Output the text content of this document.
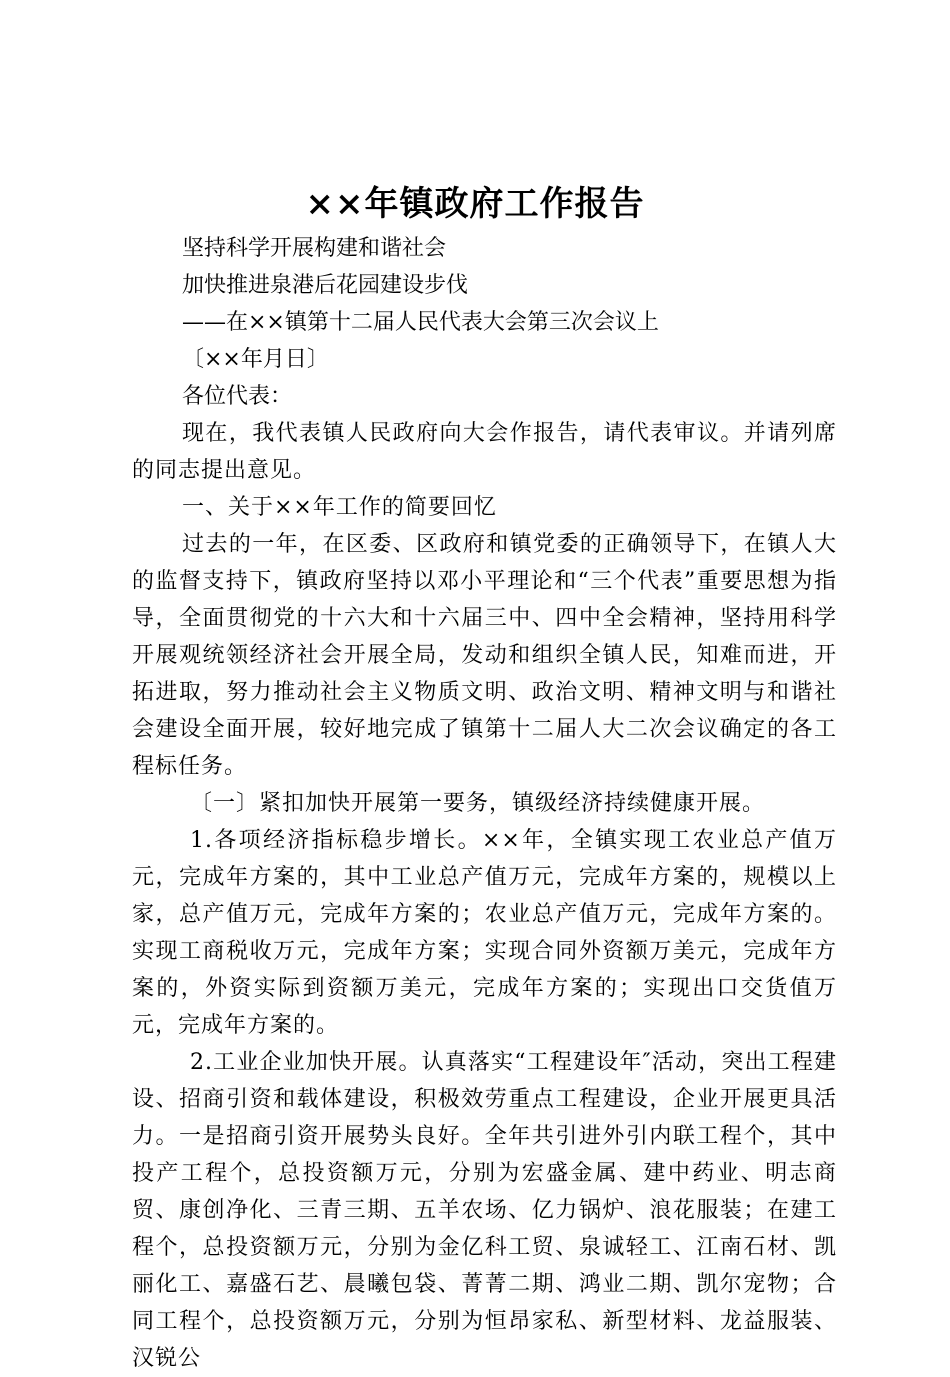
××年镇政府工作报告
坚持科学开展构建和谐社会
加快推进泉港后花园建设步伐
——在××镇第十二届人民代表大会第三次会议上
〔××年月日〕
各位代表：

现在，我代表镇人民政府向大会作报告，请代表审议。并请列席的同志提出意见。

一、关于××年工作的简要回忆

过去的一年，在区委、区政府和镇党委的正确领导下，在镇人大的监督支持下，镇政府坚持以邓小平理论和“三个代表”重要思想为指导，全面贯彻党的十六大和十六届三中、四中全会精神，坚持用科学开展观统领经济社会开展全局，发动和组织全镇人民，知难而进，开拓进取，努力推动社会主义物质文明、政治文明、精神文明与和谐社会建设全面开展，较好地完成了镇第十二届人大二次会议确定的各工程标任务。

〔一〕紧扣加快开展第一要务，镇级经济持续健康开展。

1.各项经济指标稳步增长。××年，全镇实现工农业总产值万元，完成年方案的，其中工业总产值万元，完成年方案的，规模以上家，总产值万元，完成年方案的；农业总产值万元，完成年方案的。实现工商税收万元，完成年方案；实现合同外资额万美元，完成年方案的，外资实际到资额万美元，完成年方案的；实现出口交货值万元，完成年方案的。

2.工业企业加快开展。认真落实“工程建设年″活动，突出工程建设、招商引资和载体建设，积极效劳重点工程建设，企业开展更具活力。一是招商引资开展势头良好。全年共引进外引内联工程个，其中投产工程个，总投资额万元，分别为宏盛金属、建中药业、明志商贸、康创净化、三青三期、五羊农场、亿力锅炉、浪花服装；在建工程个，总投资额万元，分别为金亿科工贸、泉诚轻工、江南石材、凯丽化工、嘉盛石艺、晨曦包袋、菁菁二期、鸿业二期、凯尔宠物；合同工程个，总投资额万元，分别为恒昂家私、新型材料、龙益服装、汉锐公
